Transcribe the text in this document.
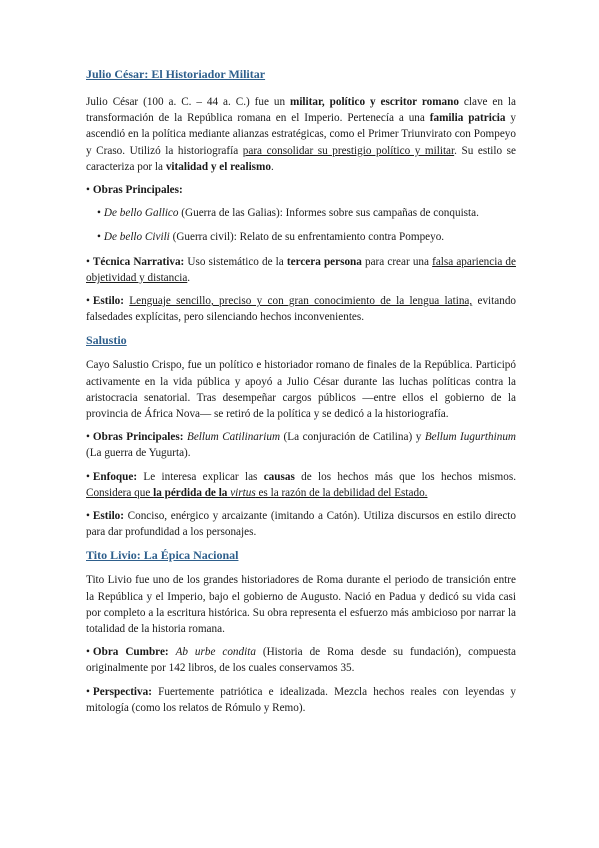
Julio César: El Historiador Militar

Julio César (100 a. C. – 44 a. C.) fue un militar, político y escritor romano clave en la transformación de la República romana en el Imperio. Pertenecía a una familia patricia y ascendió en la política mediante alianzas estratégicas, como el Primer Triunvirato con Pompeyo y Craso. Utilizó la historiografía para consolidar su prestigio político y militar. Su estilo se caracteriza por la vitalidad y el realismo.

• Obras Principales:

• De bello Gallico (Guerra de las Galias): Informes sobre sus campañas de conquista.

• De bello Civili (Guerra civil): Relato de su enfrentamiento contra Pompeyo.

• Técnica Narrativa: Uso sistemático de la tercera persona para crear una falsa apariencia de objetividad y distancia.

• Estilo: Lenguaje sencillo, preciso y con gran conocimiento de la lengua latina, evitando falsedades explícitas, pero silenciando hechos inconvenientes.

Salustio

Cayo Salustio Crispo, fue un político e historiador romano de finales de la República. Participó activamente en la vida pública y apoyó a Julio César durante las luchas políticas contra la aristocracia senatorial. Tras desempeñar cargos públicos —entre ellos el gobierno de la provincia de África Nova— se retiró de la política y se dedicó a la historiografía.

• Obras Principales: Bellum Catilinarium (La conjuración de Catilina) y Bellum Iugurthinum (La guerra de Yugurta).

• Enfoque: Le interesa explicar las causas de los hechos más que los hechos mismos. Considera que la pérdida de la virtus es la razón de la debilidad del Estado.

• Estilo: Conciso, enérgico y arcaizante (imitando a Catón). Utiliza discursos en estilo directo para dar profundidad a los personajes.

Tito Livio: La Épica Nacional

Tito Livio fue uno de los grandes historiadores de Roma durante el periodo de transición entre la República y el Imperio, bajo el gobierno de Augusto. Nació en Padua y dedicó su vida casi por completo a la escritura histórica. Su obra representa el esfuerzo más ambicioso por narrar la totalidad de la historia romana.

• Obra Cumbre: Ab urbe condita (Historia de Roma desde su fundación), compuesta originalmente por 142 libros, de los cuales conservamos 35.

• Perspectiva: Fuertemente patriótica e idealizada. Mezcla hechos reales con leyendas y mitología (como los relatos de Rómulo y Remo).
